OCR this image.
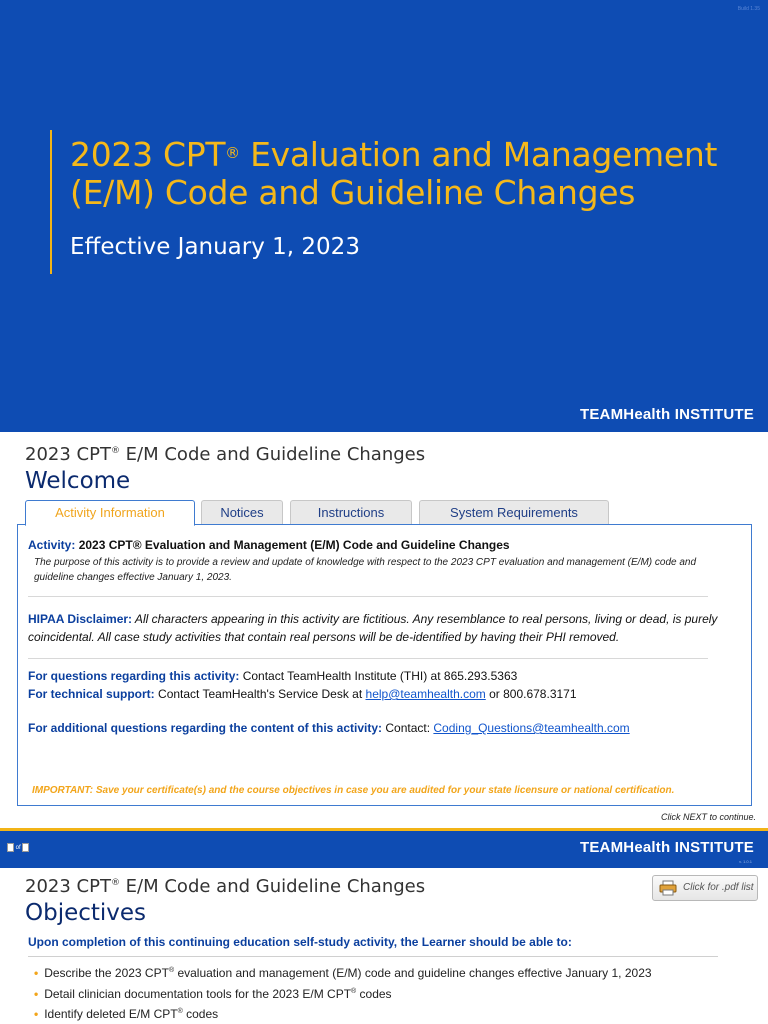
Build 1.35
2023 CPT® Evaluation and Management
(E/M) Code and Guideline Changes
Effective January 1, 2023
TEAMHealth INSTITUTE
2023 CPT® E/M Code and Guideline Changes
Welcome
Activity Information	Notices	Instructions	System Requirements
Activity: 2023 CPT® Evaluation and Management (E/M) Code and Guideline Changes
The purpose of this activity is to provide a review and update of knowledge with respect to the 2023 CPT evaluation and management (E/M) code and guideline changes effective January 1, 2023.
HIPAA Disclaimer: All characters appearing in this activity are fictitious. Any resemblance to real persons, living or dead, is purely coincidental. All case study activities that contain real persons will be de-identified by having their PHI removed.
For questions regarding this activity: Contact TeamHealth Institute (THI) at 865.293.5363
For technical support: Contact TeamHealth's Service Desk at help@teamhealth.com or 800.678.3171
For additional questions regarding the content of this activity: Contact: Coding_Questions@teamhealth.com
IMPORTANT: Save your certificate(s) and the course objectives in case you are audited for your state licensure or national certification.
Click NEXT to continue.
of	TEAMHealth INSTITUTE
v. 1.0.1
2023 CPT® E/M Code and Guideline Changes
Objectives
Click for .pdf list
Upon completion of this continuing education self-study activity, the Learner should be able to:
• Describe the 2023 CPT® evaluation and management (E/M) code and guideline changes effective January 1, 2023
• Detail clinician documentation tools for the 2023 E/M CPT® codes
• Identify deleted E/M CPT® codes
